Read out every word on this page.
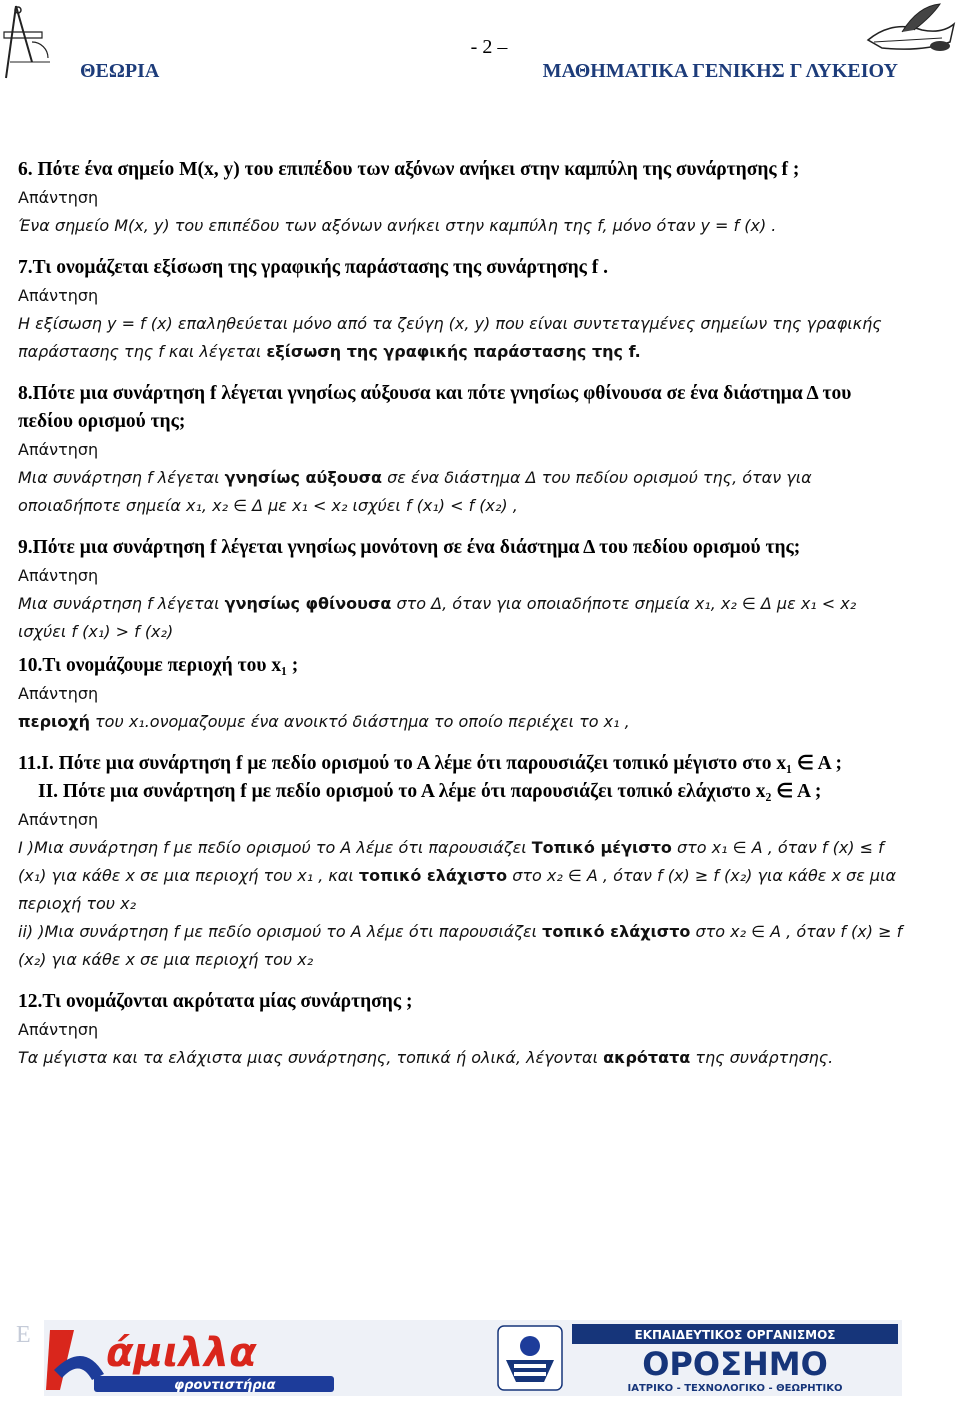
- 2 –
ΘΕΩΡΙΑ	ΜΑΘΗΜΑΤΙΚΑ ΓΕΝΙΚΗΣ Γ ΛΥΚΕΙΟΥ

6. Πότε ένα σημείο Μ(x, y) του επιπέδου των αξόνων ανήκει στην καμπύλη της συνάρτησης f ;

Απάντηση

Ένα σημείο Μ(x, y) του επιπέδου των αξόνων ανήκει στην καμπύλη της f, μόνο όταν y = f (x) .

7.Τι ονομάζεται εξίσωση της γραφικής παράστασης της συνάρτησης f .

Απάντηση

Η εξίσωση y = f (x) επαληθεύεται μόνο από τα ζεύγη (x, y) που είναι συντεταγμένες σημείων της γραφικής παράστασης της f και λέγεται εξίσωση της γραφικής παράστασης της f.

8.Πότε μια συνάρτηση f λέγεται γνησίως αύξουσα και πότε γνησίως φθίνουσα σε ένα διάστημα Δ του πεδίου ορισμού της;

Απάντηση

Μια συνάρτηση f λέγεται γνησίως αύξουσα σε ένα διάστημα Δ του πεδίου ορισμού της, όταν για οποιαδήποτε σημεία x₁, x₂ ∈ Δ με x₁ < x₂ ισχύει f (x₁) < f (x₂) ,

9.Πότε μια συνάρτηση f λέγεται γνησίως μονότονη σε ένα διάστημα Δ του πεδίου ορισμού της;

Απάντηση

Μια συνάρτηση f λέγεται γνησίως φθίνουσα στο Δ, όταν για οποιαδήποτε σημεία x₁, x₂ ∈ Δ με x₁ < x₂ ισχύει f (x₁) > f (x₂)

10.Τι ονομάζουμε περιοχή του x₁ ;

Απάντηση

περιοχή του x₁.ονομαζουμε ένα ανοικτό διάστημα το οποίο περιέχει το x₁ ,

11.Ι. Πότε μια συνάρτηση f με πεδίο ορισμού το Α λέμε ότι παρουσιάζει τοπικό μέγιστο στο x₁ ∈ A ;

ΙΙ. Πότε μια συνάρτηση f με πεδίο ορισμού το Α λέμε ότι παρουσιάζει τοπικό ελάχιστο x₂ ∈ A ;

Απάντηση

Ι )Μια συνάρτηση f με πεδίο ορισμού το Α λέμε ότι παρουσιάζει Τοπικό μέγιστο στο x₁ ∈ A , όταν f (x) ≤ f (x₁) για κάθε x σε μια περιοχή του x₁ , και τοπικό ελάχιστο στο x₂ ∈ A , όταν f (x) ≥ f (x₂) για κάθε x σε μια περιοχή του x₂

ii) )Μια συνάρτηση f με πεδίο ορισμού το Α λέμε ότι παρουσιάζει τοπικό ελάχιστο στο x₂ ∈ A , όταν f (x) ≥ f (x₂) για κάθε x σε μια περιοχή του x₂

12.Τι ονομάζονται ακρότατα μίας συνάρτησης ;

Απάντηση

Τα μέγιστα και τα ελάχιστα μιας συνάρτησης, τοπικά ή ολικά, λέγονται ακρότατα της συνάρτησης.

Ε άμιλλα
φροντιστήρια
ΕΚΠΑΙΔΕΥΤΙΚΟΣ ΟΡΓΑΝΙΣΜΟΣ
ΟΡΟΣΗΜΟ
ΙΑΤΡΙΚΟ - ΤΕΧΝΟΛΟΓΙΚΟ - ΘΕΩΡΗΤΙΚΟ
